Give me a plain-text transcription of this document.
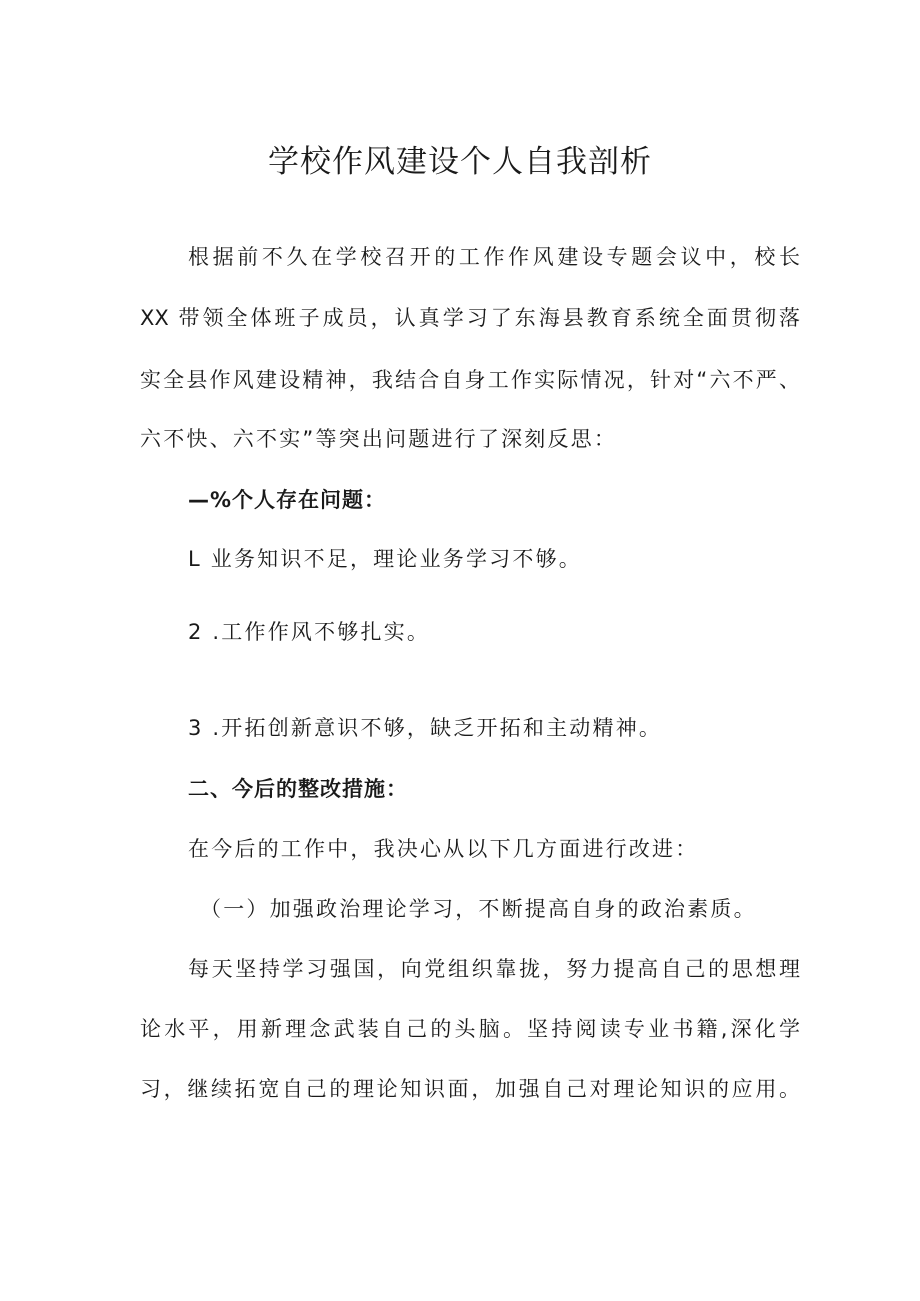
学校作风建设个人自我剖析

根据前不久在学校召开的工作作风建设专题会议中，校长

XX 带领全体班子成员，认真学习了东海县教育系统全面贯彻落

实全县作风建设精神，我结合自身工作实际情况，针对“六不严、

六不快、六不实”等突出问题进行了深刻反思：

—%个人存在问题：

L 业务知识不足，理论业务学习不够。

2 .工作作风不够扎实。

3 .开拓创新意识不够，缺乏开拓和主动精神。

二、今后的整改措施：

在今后的工作中，我决心从以下几方面进行改进：

（一）加强政治理论学习，不断提高自身的政治素质。

每天坚持学习强国，向党组织靠拢，努力提高自己的思想理

论水平，用新理念武装自己的头脑。坚持阅读专业书籍,深化学

习，继续拓宽自己的理论知识面，加强自己对理论知识的应用。
